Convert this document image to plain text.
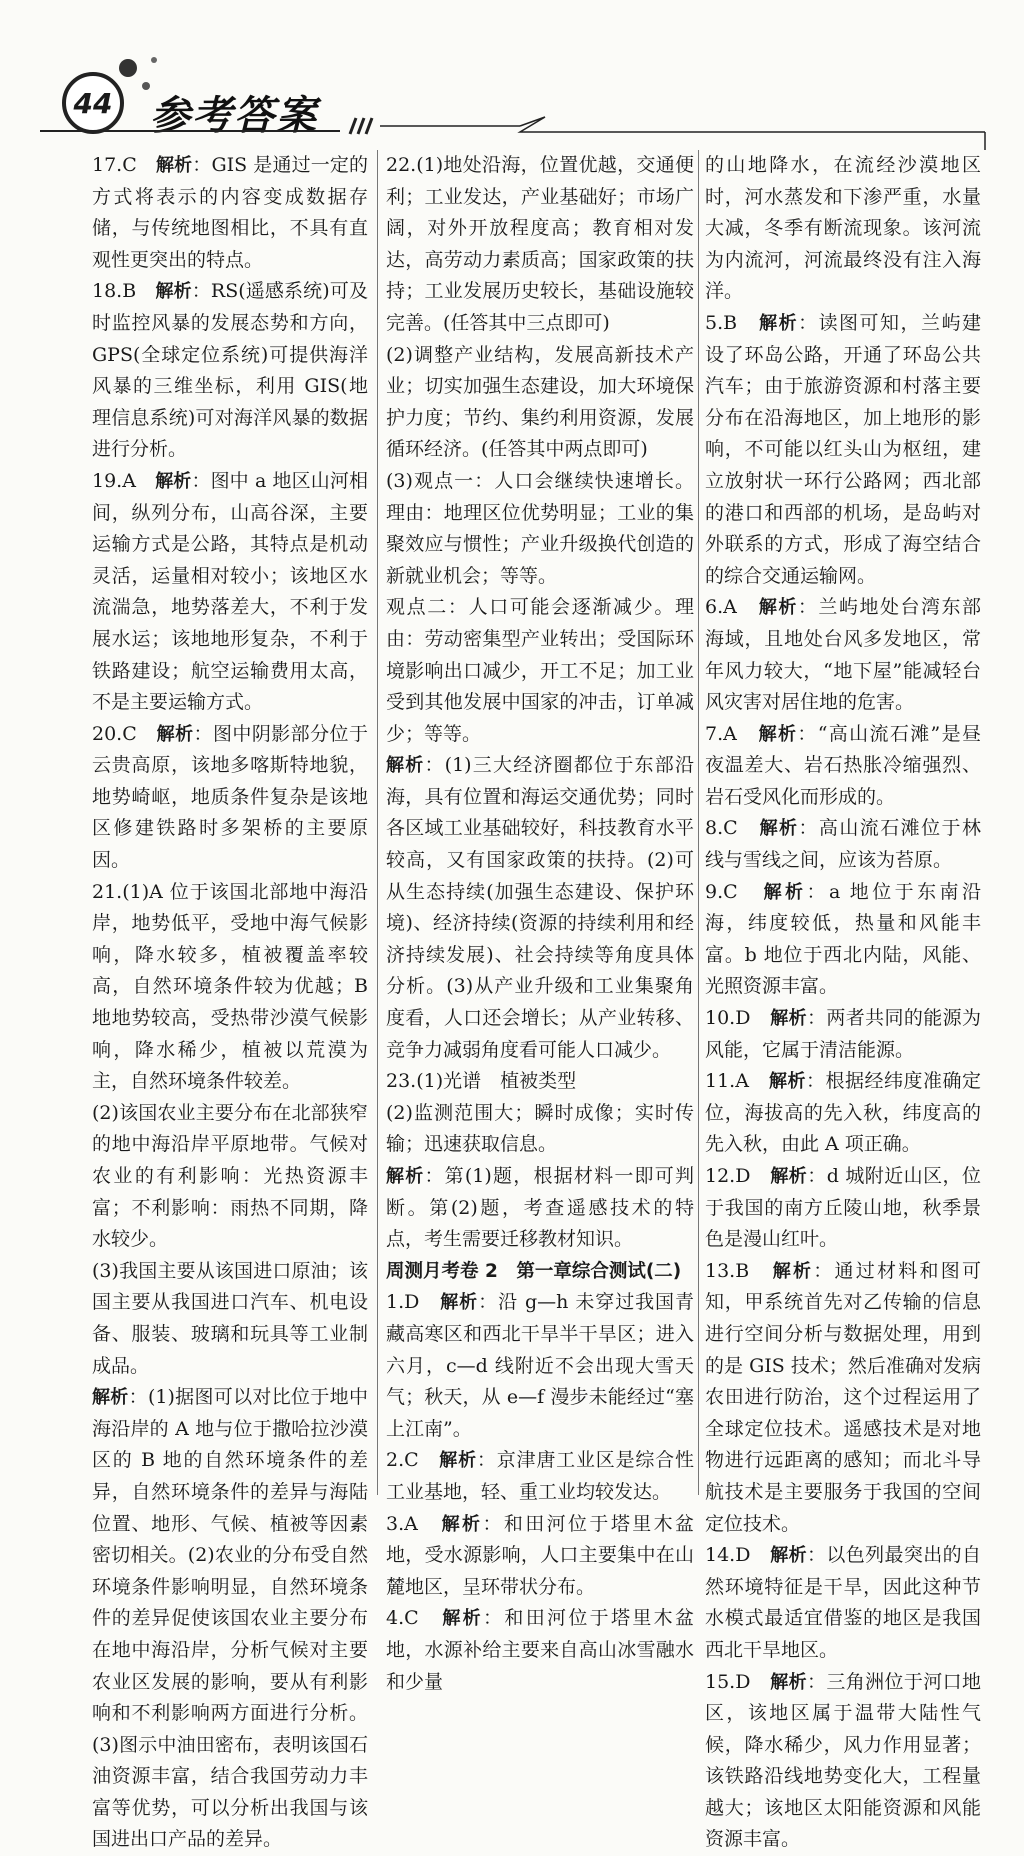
44 参考答案

17.C　 解析：GIS 是通过一定的方式将表示的内容变成数据存储，与传统地图相比，不具有直观性更突出的特点。

18.B　 解析：RS(遥感系统)可及时监控风暴的发展态势和方向，GPS(全球定位系统)可提供海洋风暴的三维坐标，利用 GIS(地理信息系统)可对海洋风暴的数据进行分析。

19.A　 解析：图中 a 地区山河相间，纵列分布，山高谷深，主要运输方式是公路，其特点是机动灵活，运量相对较小；该地区水流湍急，地势落差大，不利于发展水运；该地地形复杂，不利于铁路建设；航空运输费用太高，不是主要运输方式。

20.C　 解析：图中阴影部分位于云贵高原，该地多喀斯特地貌，地势崎岖，地质条件复杂是该地区修建铁路时多架桥的主要原因。

21.(1)A 位于该国北部地中海沿岸，地势低平，受地中海气候影响，降水较多，植被覆盖率较高，自然环境条件较为优越；B 地地势较高，受热带沙漠气候影响，降水稀少，植被以荒漠为主，自然环境条件较差。

(2)该国农业主要分布在北部狭窄的地中海沿岸平原地带。气候对农业的有利影响：光热资源丰富；不利影响：雨热不同期，降水较少。

(3)我国主要从该国进口原油；该国主要从我国进口汽车、机电设备、服装、玻璃和玩具等工业制成品。

解析：(1)据图可以对比位于地中海沿岸的 A 地与位于撒哈拉沙漠区的 B 地的自然环境条件的差异，自然环境条件的差异与海陆位置、地形、气候、植被等因素密切相关。(2)农业的分布受自然环境条件影响明显，自然环境条件的差异促使该国农业主要分布在地中海沿岸，分析气候对主要农业区发展的影响，要从有利影响和不利影响两方面进行分析。(3)图示中油田密布，表明该国石油资源丰富，结合我国劳动力丰富等优势，可以分析出我国与该国进出口产品的差异。

22.(1)地处沿海，位置优越，交通便利；工业发达，产业基础好；市场广阔，对外开放程度高；教育相对发达，高劳动力素质高；国家政策的扶持；工业发展历史较长，基础设施较完善。(任答其中三点即可)

(2)调整产业结构，发展高新技术产业；切实加强生态建设，加大环境保护力度；节约、集约利用资源，发展循环经济。(任答其中两点即可)

(3)观点一：人口会继续快速增长。理由：地理区位优势明显；工业的集聚效应与惯性；产业升级换代创造的新就业机会；等等。

观点二：人口可能会逐渐减少。理由：劳动密集型产业转出；受国际环境影响出口减少，开工不足；加工业受到其他发展中国家的冲击，订单减少；等等。

解析：(1)三大经济圈都位于东部沿海，具有位置和海运交通优势；同时各区域工业基础较好，科技教育水平较高，又有国家政策的扶持。(2)可从生态持续(加强生态建设、保护环境)、经济持续(资源的持续利用和经济持续发展)、社会持续等角度具体分析。(3)从产业升级和工业集聚角度看，人口还会增长；从产业转移、竞争力减弱角度看可能人口减少。

23.(1)光谱　植被类型

(2)监测范围大；瞬时成像；实时传输；迅速获取信息。

解析：第(1)题，根据材料一即可判断。第(2)题，考查遥感技术的特点，考生需要迁移教材知识。

周测月考卷 2　第一章综合测试(二)

1.D　 解析：沿 g—h 未穿过我国青藏高寒区和西北干旱半干旱区；进入六月，c—d 线附近不会出现大雪天气；秋天，从 e—f 漫步未能经过“塞上江南”。

2.C　 解析：京津唐工业区是综合性工业基地，轻、重工业均较发达。

3.A　 解析：和田河位于塔里木盆地，受水源影响，人口主要集中在山麓地区，呈环带状分布。

4.C　 解析：和田河位于塔里木盆地，水源补给主要来自高山冰雪融水和少量

的山地降水，在流经沙漠地区时，河水蒸发和下渗严重，水量大减，冬季有断流现象。该河流为内流河，河流最终没有注入海洋。

5.B　 解析：读图可知，兰屿建设了环岛公路，开通了环岛公共汽车；由于旅游资源和村落主要分布在沿海地区，加上地形的影响，不可能以红头山为枢纽，建立放射状一环行公路网；西北部的港口和西部的机场，是岛屿对外联系的方式，形成了海空结合的综合交通运输网。

6.A　 解析：兰屿地处台湾东部海域，且地处台风多发地区，常年风力较大，“地下屋”能减轻台风灾害对居住地的危害。

7.A　 解析：“高山流石滩”是昼夜温差大、岩石热胀冷缩强烈、岩石受风化而形成的。

8.C　 解析：高山流石滩位于林线与雪线之间，应该为苔原。

9.C　 解析：a 地位于东南沿海，纬度较低，热量和风能丰富。b 地位于西北内陆，风能、光照资源丰富。

10.D　 解析：两者共同的能源为风能，它属于清洁能源。

11.A　 解析：根据经纬度准确定位，海拔高的先入秋，纬度高的先入秋，由此 A 项正确。

12.D　 解析：d 城附近山区，位于我国的南方丘陵山地，秋季景色是漫山红叶。

13.B　 解析：通过材料和图可知，甲系统首先对乙传输的信息进行空间分析与数据处理，用到的是 GIS 技术；然后准确对发病农田进行防治，这个过程运用了全球定位技术。遥感技术是对地物进行远距离的感知；而北斗导航技术是主要服务于我国的空间定位技术。

14.D　 解析：以色列最突出的自然环境特征是干旱，因此这种节水模式最适宜借鉴的地区是我国西北干旱地区。

15.D　 解析：三角洲位于河口地区，该地区属于温带大陆性气候，降水稀少，风力作用显著；该铁路沿线地势变化大，工程量越大；该地区太阳能资源和风能资源丰富。
